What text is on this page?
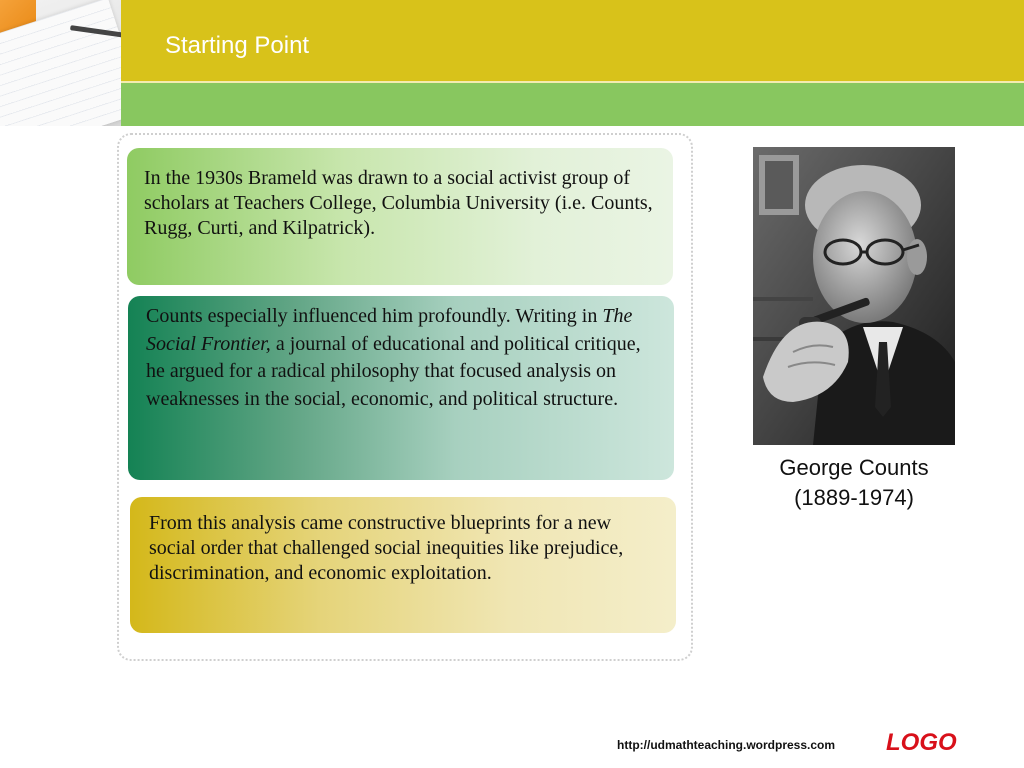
Starting Point

In the 1930s Brameld was drawn to a social activist group of scholars at Teachers College, Columbia University (i.e. Counts, Rugg, Curti, and Kilpatrick).

Counts especially influenced him profoundly. Writing in The Social Frontier, a journal of educational and political critique, he argued for a radical philosophy that focused analysis on weaknesses in the social, economic, and political structure.

From this analysis came constructive blueprints for a new social order that challenged social inequities like prejudice, discrimination, and economic exploitation.

George Counts
(1889-1974)
http://udmathteaching.wordpress.com LOGO
